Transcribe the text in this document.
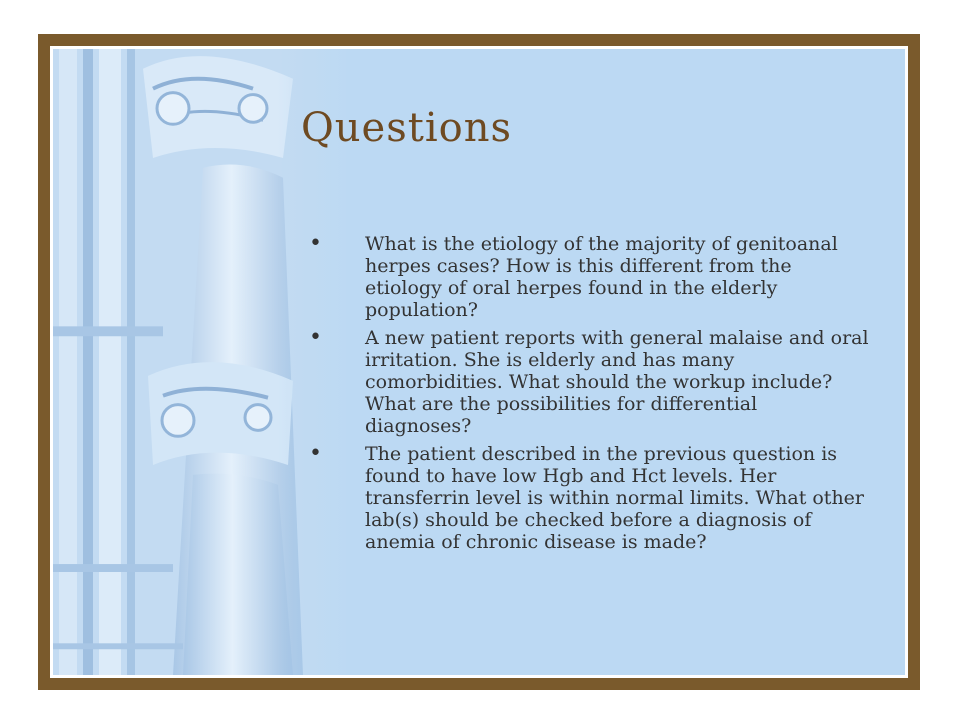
Questions
• What is the etiology of the majority of genitoanal herpes cases? How is this different from the etiology of oral herpes found in the elderly population?
• A new patient reports with general malaise and oral irritation. She is elderly and has many comorbidities. What should the workup include? What are the possibilities for differential diagnoses?
• The patient described in the previous question is found to have low Hgb and Hct levels. Her transferrin level is within normal limits. What other lab(s) should be checked before a diagnosis of anemia of chronic disease is made?
